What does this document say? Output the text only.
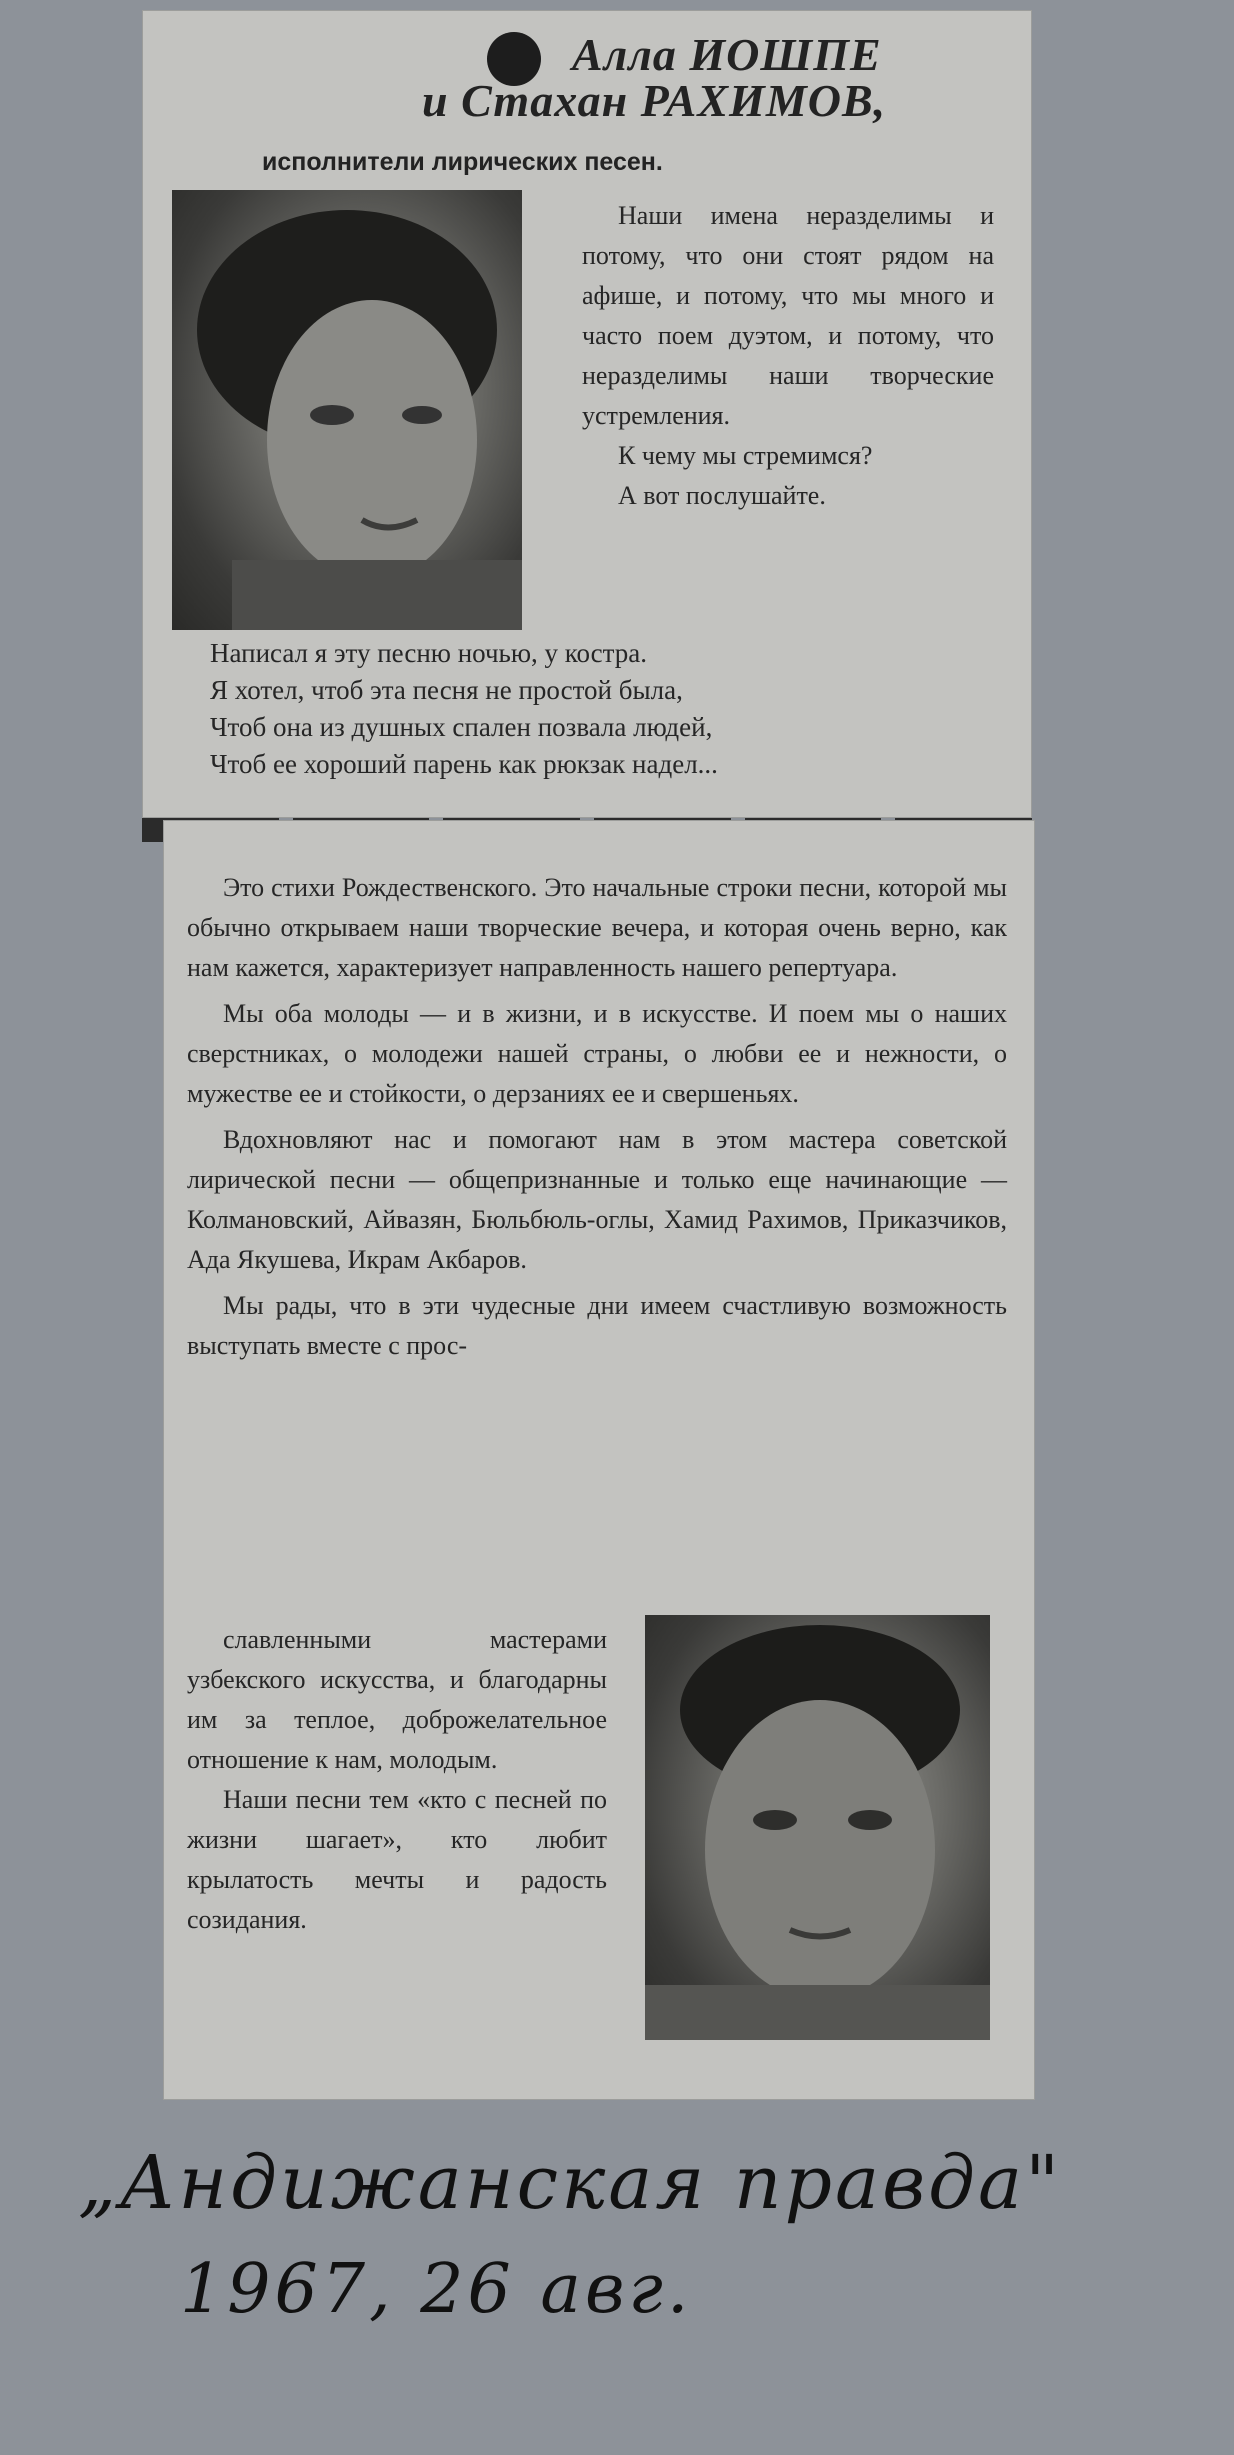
Алла ИОШПЕ
и Стахан РАХИМОВ,
исполнители лирических песен.

Наши имена неразделимы и потому, что они стоят рядом на афише, и потому, что мы много и часто поем дуэтом, и потому, что неразделимы наши творческие устремления.

К чему мы стремимся?

А вот послушайте.

Написал я эту песню ночью, у костра.
Я хотел, чтоб эта песня не простой была,
Чтоб она из душных спален позвала людей,
Чтоб ее хороший парень как рюкзак надел...

Это стихи Рождественского. Это начальные строки песни, которой мы обычно открываем наши творческие вечера, и которая очень верно, как нам кажется, характеризует направленность нашего репертуара.

Мы оба молоды — и в жизни, и в искусстве. И поем мы о наших сверстниках, о молодежи нашей страны, о любви ее и нежности, о мужестве ее и стойкости, о дерзаниях ее и свершеньях.

Вдохновляют нас и помогают нам в этом мастера советской лирической песни — общепризнанные и только еще начинающие — Колмановский, Айвазян, Бюльбюль-оглы, Хамид Рахимов, Приказчиков, Ада Якушева, Икрам Акбаров.

Мы рады, что в эти чудесные дни имеем счастливую возможность выступать вместе с прос-

славленными мастерами узбекского искусства, и благодарны им за теплое, доброжелательное отношение к нам, молодым.

Наши песни тем «кто с песней по жизни шагает», кто любит крылатость мечты и радость созидания.

„Андижанская правда"
1967, 26 авг.
